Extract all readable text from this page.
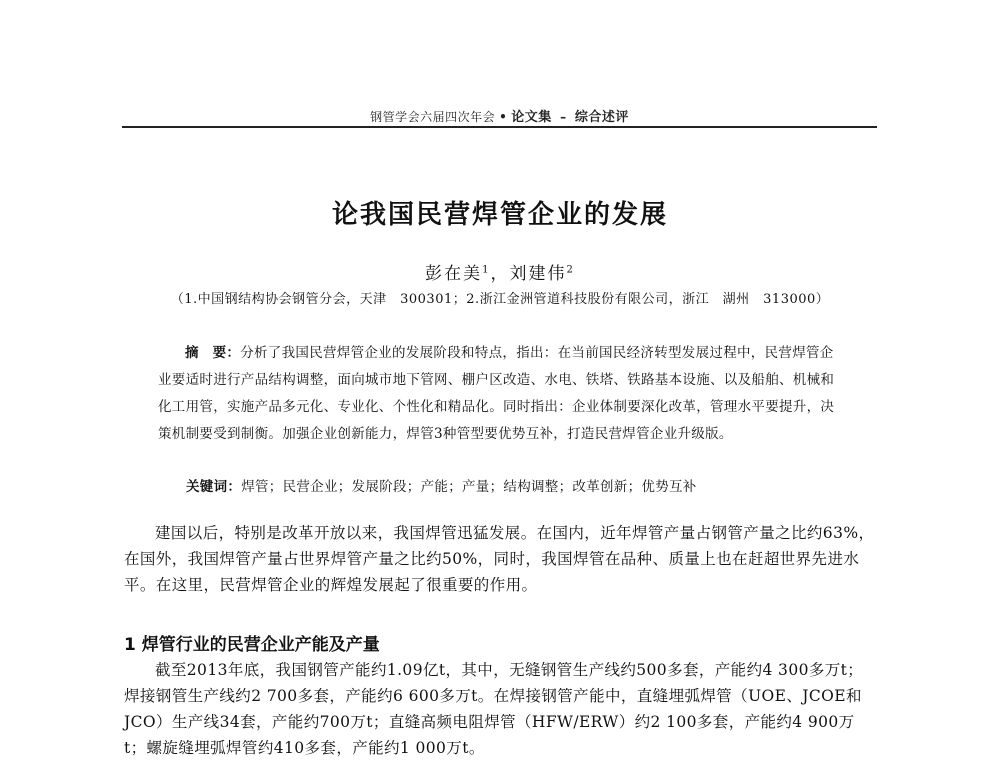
钢管学会六届四次年会 • 论文集 – 综合述评
论我国民营焊管企业的发展
彭在美$^1$，刘建伟$^2$
（1.中国钢结构协会钢管分会，天津　300301；2.浙江金洲管道科技股份有限公司，浙江　湖州　313000）
摘　要：分析了我国民营焊管企业的发展阶段和特点，指出：在当前国民经济转型发展过程中，民营焊管企业要适时进行产品结构调整，面向城市地下管网、棚户区改造、水电、铁塔、铁路基本设施、以及船舶、机械和化工用管，实施产品多元化、专业化、个性化和精品化。同时指出：企业体制要深化改革，管理水平要提升，决策机制要受到制衡。加强企业创新能力，焊管3种管型要优势互补，打造民营焊管企业升级版。
关键词：焊管；民营企业；发展阶段；产能；产量；结构调整；改革创新；优势互补
建国以后，特别是改革开放以来，我国焊管迅猛发展。在国内，近年焊管产量占钢管产量之比约63%，在国外，我国焊管产量占世界焊管产量之比约50%，同时，我国焊管在品种、质量上也在赶超世界先进水平。在这里，民营焊管企业的辉煌发展起了很重要的作用。
1 焊管行业的民营企业产能及产量
截至2013年底，我国钢管产能约1.09亿t，其中，无缝钢管生产线约500多套，产能约4 300多万t；焊接钢管生产线约2 700多套，产能约6 600多万t。在焊接钢管产能中，直缝埋弧焊管（UOE、JCOE和JCO）生产线34套，产能约700万t；直缝高频电阻焊管（HFW/ERW）约2 100多套，产能约4 900万t；螺旋缝埋弧焊管约410多套，产能约1 000万t。
